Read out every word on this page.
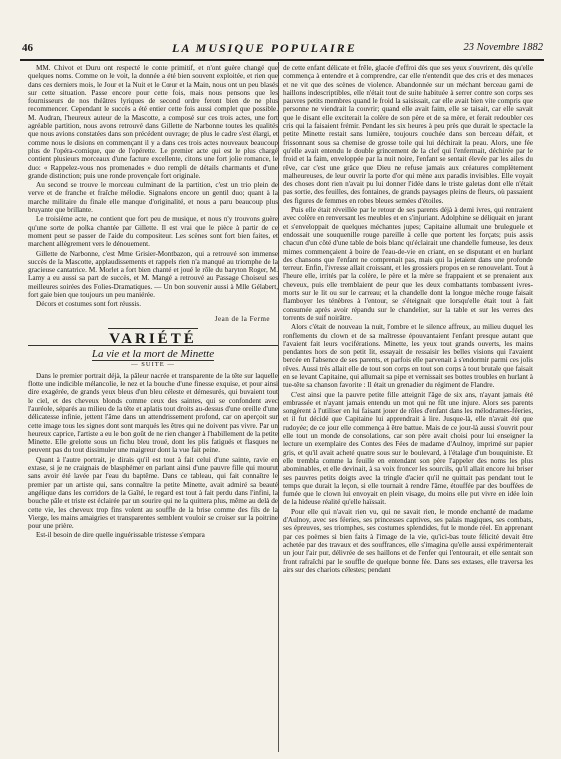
46	LA MUSIQUE POPULAIRE	23 Novembre 1882

MM. Chivot et Duru ont respecté le conte primitif, et n'ont guère changé que quelques noms. Comme on le voit, la donnée a été bien souvent exploitée, et rien que dans ces derniers mois, le Jour et la Nuit et le Cœur et la Main, nous ont un peu blasés sur cette situation. Passe encore pour cette fois, mais nous pensons que les fournisseurs de nos théâtres lyriques de second ordre feront bien de ne plus recommencer. Cependant le succès a été entier cette fois aussi complet que possible. M. Audran, l'heureux auteur de la Mascotte, a composé sur ces trois actes, une fort agréable partition, nous avons retrouvé dans Gillette de Narbonne toutes les qualités que nous avions constatées dans son précédent ouvrage; de plus le cadre s'est élargi, et comme nous le disions en commençant il y a dans ces trois actes nouveaux beaucoup plus de l'opéra-comique, que de l'opérette. Le premier acte qui est le plus chargé contient plusieurs morceaux d'une facture excellente, citons une fort jolie romance, le duo: « Rappelez-vous nos promenades » duo rempli de détails charmants et d'une grande distinction; puis une ronde provençale fort originale.

Au second se trouve le morceau culminant de la partition, c'est un trio plein de verve et de franche et fraîche mélodie. Signalons encore un gentil duo; quant à la marche militaire du finale elle manque d'originalité, et nous a paru beaucoup plus bruyante que brillante.

Le troisième acte, ne contient que fort peu de musique, et nous n'y trouvons guère qu'une sorte de polka chantée par Gillette. Il est vrai que le pièce à partir de ce moment peut se passer de l'aide du compositeur. Les scènes sont fort bien faites, et marchent allègrement vers le dénouement.

Gillette de Narbonne, c'est Mme Grisier-Montbazon, qui a retrouvé son immense succès de la Mascotte, applaudissements et rappels rien n'a manqué au triomphe de la gracieuse cantatrice. M. Morlet a fort bien chanté et joué le rôle du baryton Roger, M. Lamy a eu aussi sa part de succès, et M. Mangé a retrouvé au Passage Choiseul ses meilleures soirées des Folies-Dramatiques. — Un bon souvenir aussi à Mlle Gélabert, fort gaie bien que toujours un peu maniérée.

Décors et costumes sont fort réussis.

Jean de la Ferme
VARIÉTÉ
La vie et la mort de Minette
— SUITE —

Dans le premier portrait déjà, la pâleur nacrée et transparente de la tête sur laquelle flotte une indicible mélancolie, le nez et la bouche d'une finesse exquise, et pour ainsi dire exagérée, de grands yeux bleus d'un bleu céleste et démesurés, qui buvaient tout le ciel, et des cheveux blonds comme ceux des saintes, qui se confondent avec l'auréole, séparés au milieu de la tête et aplatis tout droits au-dessus d'une oreille d'une délicatesse infinie, jettent l'âme dans un attendrissement profond, car on aperçoit sur cette image tous les signes dont sont marqués les êtres qui ne doivent pas vivre. Par un heureux caprice, l'artiste a eu le bon goût de ne rien changer à l'habillement de la petite Minette. Elle grelotte sous un fichu bleu troué, dont les plis fatigués et flasques ne peuvent pas du tout dissimuler une maigreur dont la vue fait peine.

Quant à l'autre portrait, je dirais qu'il est tout à fait celui d'une sainte, ravie en extase, si je ne craignais de blasphémer en parlant ainsi d'une pauvre fille qui mourut sans avoir été lavée par l'eau du baptême. Dans ce tableau, qui fait connaître le premier par un artiste qui, sans connaître la petite Minette, avait admiré sa beauté angélique dans les corridors de la Gaîté, le regard est tout à fait perdu dans l'infini, la bouche pâle et triste est éclairée par un sourire qui ne la quittera plus, même au delà de cette vie, les cheveux trop fins volent au souffle de la brise comme des fils de la Vierge, les mains amaigries et transparentes semblent vouloir se croiser sur la poitrine pour une prière.

Est-il besoin de dire quelle inguérissable tristesse s'empara

de cette enfant délicate et frêle, glacée d'effroi dès que ses yeux s'ouvrirent, dès qu'elle commença à entendre et à comprendre, car elle n'entendit que des cris et des menaces et ne vit que des scènes de violence. Abandonnée sur un méchant berceau garni de haillons indescriptibles, elle n'était tout de suite habituée à serrer contre son corps ses pauvres petits membres quand le froid la saisissait, car elle avait bien vite compris que personne ne viendrait la couvrir; quand elle avait faim, elle se taisait, car elle savait que le disant elle exciterait la colère de son père et de sa mère, et ferait redoubler ces cris qui la faisaient frémir. Pendant les six heures à peu près que durait le spectacle la petite Minette restait sans lumière, toujours couchée dans son berceau défait, et frissonnant sous sa chemise de grosse toile qui lui déchirait la peau. Alors, une fée qu'elle avait entendu le double grincement de la clef qui l'enfermait, déchirée par le froid et la faim, enveloppée par la nuit noire, l'enfant se sentait élevée par les ailes du rêve, car c'est une grâce que Dieu ne refuse jamais aux créatures complètement malheureuses, de leur ouvrir la porte d'or qui mène aux paradis invisibles. Elle voyait des choses dont rien n'avait pu lui donner l'idée dans le triste galetas dont elle n'était pas sortie, des feuilles, des fontaines, de grands paysages pleins de fleurs, où passaient des figures de femmes en robes bleues semées d'étoiles.

Puis elle était réveillée par le retour de ses parents déjà à demi ivres, qui rentraient avec colère en renversant les meubles et en s'injuriant. Adolphine se déliquait en jurant et s'enveloppait de quelques méchantes jupes; Capitaine allumait une bruleguele et endossait une souquenille rouge pareille à celle que portent les forçats; puis assis chacun d'un côté d'une table de bois blanc qu'éclairait une chandelle fumeuse, les deux mimes commençaient à boire de l'eau-de-vie en criant, en se disputant et en hurlant des chansons que l'enfant ne comprenait pas, mais qui la jetaient dans une profonde terreur. Enfin, l'ivresse allait croissant, et les grossiers propos en se renouvelant. Tout à l'heure elle, irrités par la colère, le père et la mère se frappaient et se prenaient aux cheveux, puis elle tremblaient de peur que les deux combattants tombassent ivres-morts sur le lit ou sur le carreau; et la chandelle dont la longue mèche rouge faisait flamboyer les ténèbres à l'entour, se s'éteignait que lorsqu'elle était tout à fait consumée après avoir répandu sur le chandelier, sur la table et sur les verres des torrents de suif noirâtre.

Alors c'était de nouveau la nuit, l'ombre et le silence affreux, au milieu duquel les ronflements du clown et de sa maîtresse épouvantaient l'enfant presque autant que l'avaient fait leurs vociférations. Minette, les yeux tout grands ouverts, les mains pendantes hors de son petit lit, essayait de ressaisir les belles visions qui l'avaient bercée en l'absence de ses parents, et parfois elle parvenait à s'endormir parmi ces jolis rêves. Aussi très allait elle de tout son corps en tout son corps à tout brutale que faisait en se levant Capitaine, qui allumait sa pipe et vernissait ses bottes troubles en hurlant à tue-tête sa chanson favorite : Il était un grenadier du régiment de Flandre.

C'est ainsi que la pauvre petite fille atteignit l'âge de six ans, n'ayant jamais été embrassée et n'ayant jamais entendu un mot qui ne fût une injure. Alors ses parents songèrent à l'utiliser en lui faisant jouer de rôles d'enfant dans les mélodrames-féeries, et il fut décidé que Capitaine lui apprendrait à lire. Jusque-là, elle n'avait été que rudoyée; de ce jour elle commença à être battue. Mais de ce jour-là aussi s'ouvrit pour elle tout un monde de consolations, car son père avait choisi pour lui enseigner la lecture un exemplaire des Contes des Fées de madame d'Aulnoy, imprimé sur papier gris, et qu'il avait acheté quatre sous sur le boulevard, à l'étalage d'un bouquiniste. Et elle trembla comme la feuille en entendant son père l'appeler des noms les plus abominables, et elle devinait, à sa voix froncer les sourcils, qu'il allait encore lui briser ses pauvres petits doigts avec la tringle d'acier qu'il ne quittait pas pendant tout le temps que durait la leçon, si elle tournait à rendre l'âme, étouffée par des bouffées de fumée que le clown lui envoyait en plein visage, du moins elle put vivre en idée loin de la hideuse réalité qu'elle haïssait.

Pour elle qui n'avait rien vu, qui ne savait rien, le monde enchanté de madame d'Aulnoy, avec ses féeries, ses princesses captives, ses palais magiques, ses combats, ses épreuves, ses triomphes, ses costumes splendides, fut le monde réel. En apprenant par ces poèmes si bien faits à l'image de la vie, qu'ici-bas toute félicité devait être achetée par des travaux et des souffrances, elle s'imagina qu'elle aussi expérimenterait un jour l'air pur, délivrée de ses haillons et de l'enfer qui l'entourait, et elle sentait son front rafraîchi par le souffle de quelque bonne fée. Dans ses extases, elle traversa les airs sur des chariots célestes; pendant
